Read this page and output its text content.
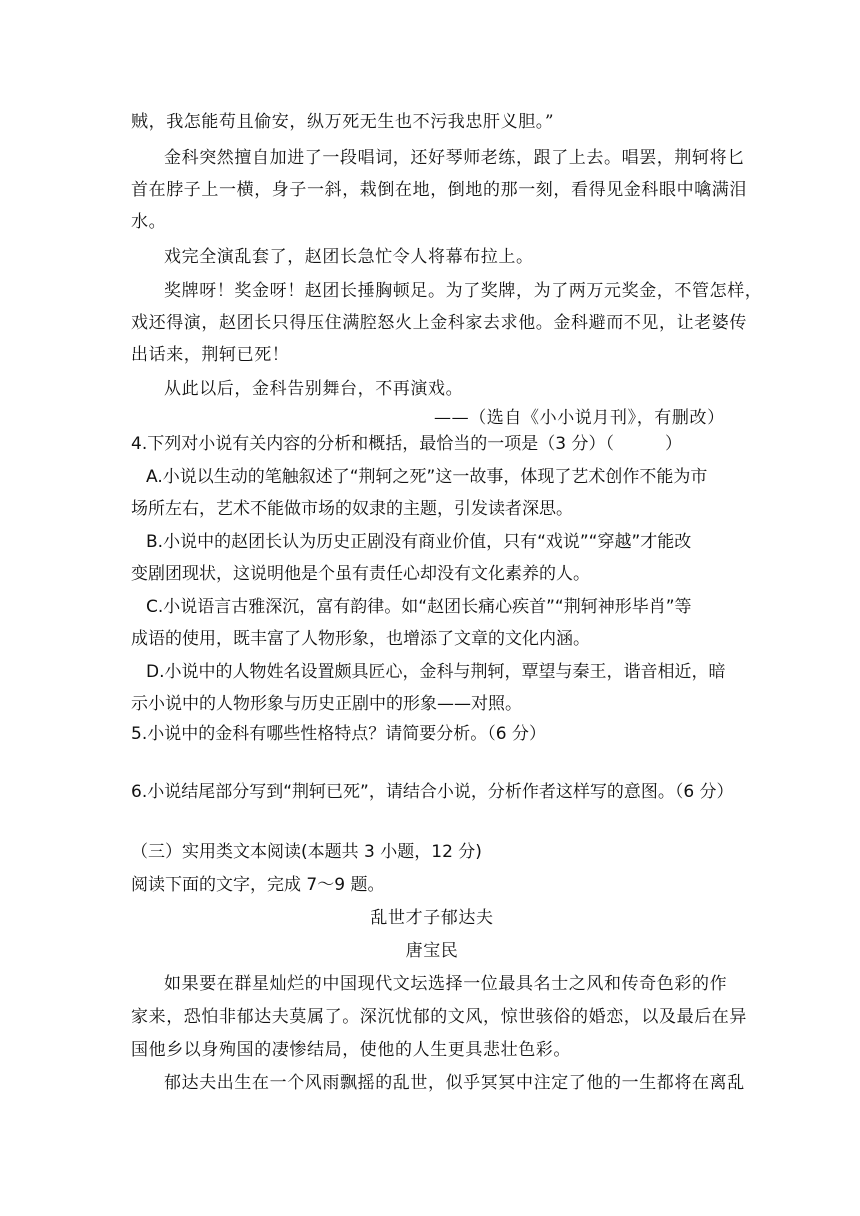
贼，我怎能苟且偷安，纵万死无生也不污我忠肝义胆。”
金科突然擅自加进了一段唱词，还好琴师老练，跟了上去。唱罢，荆轲将匕
首在脖子上一横，身子一斜，栽倒在地，倒地的那一刻，看得见金科眼中噙满泪
水。
戏完全演乱套了，赵团长急忙令人将幕布拉上。
奖牌呀！奖金呀！赵团长捶胸顿足。为了奖牌，为了两万元奖金，不管怎样，
戏还得演，赵团长只得压住满腔怒火上金科家去求他。金科避而不见，让老婆传
出话来，荆轲已死！
从此以后，金科告别舞台，不再演戏。
——（选自《小小说月刊》，有删改）
4.下列对小说有关内容的分析和概括，最恰当的一项是（3 分）（　　　）
A.小说以生动的笔触叙述了“荆轲之死”这一故事，体现了艺术创作不能为市
场所左右，艺术不能做市场的奴隶的主题，引发读者深思。
B.小说中的赵团长认为历史正剧没有商业价值，只有“戏说”“穿越”才能改
变剧团现状，这说明他是个虽有责任心却没有文化素养的人。
C.小说语言古雅深沉，富有韵律。如“赵团长痛心疾首”“荆轲神形毕肖”等
成语的使用，既丰富了人物形象，也增添了文章的文化内涵。
D.小说中的人物姓名设置颇具匠心，金科与荆轲，覃望与秦王，谐音相近，暗
示小说中的人物形象与历史正剧中的形象——对照。
5.小说中的金科有哪些性格特点？请简要分析。（6 分）
6.小说结尾部分写到“荆轲已死”，请结合小说，分析作者这样写的意图。（6 分）
（三）实用类文本阅读(本题共 3 小题，12 分)
阅读下面的文字，完成 7～9 题。
乱世才子郁达夫
唐宝民
如果要在群星灿烂的中国现代文坛选择一位最具名士之风和传奇色彩的作
家来，恐怕非郁达夫莫属了。深沉忧郁的文风，惊世骇俗的婚恋，以及最后在异
国他乡以身殉国的凄惨结局，使他的人生更具悲壮色彩。
郁达夫出生在一个风雨飘摇的乱世，似乎冥冥中注定了他的一生都将在离乱
